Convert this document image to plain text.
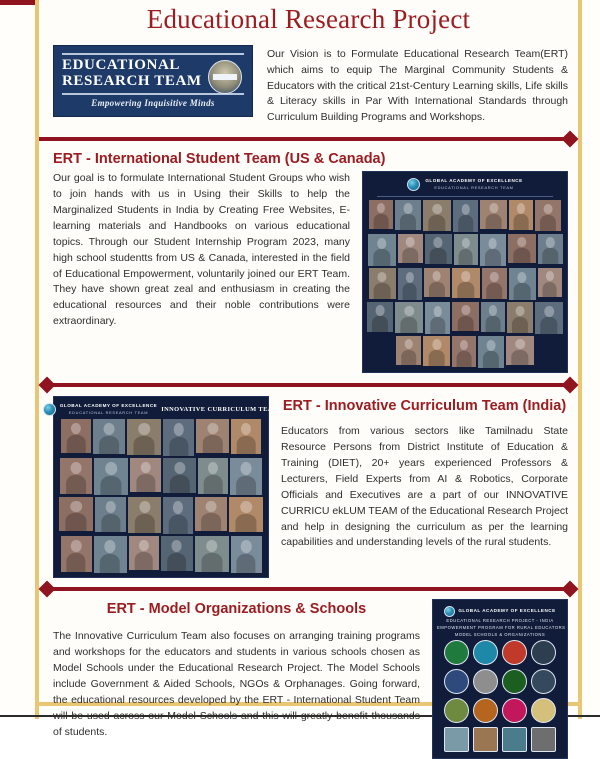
Educational Research Project
EDUCATIONAL
RESEARCH TEAM
Empowering Inquisitive Minds
Our Vision is to Formulate Educational Research Team(ERT) which aims to equip The Marginal Community Students & Educators with the critical 21st-Century Learning skills, Life skills & Literacy skills in Par With International Standards through Curriculum Building Programs and Workshops.
ERT - International Student Team (US & Canada)
Our goal is to formulate International Student Groups who wish to join hands with us in Using their Skills to help the Marginalized Students in India by Creating Free Websites, E-learning materials and Handbooks on various educational topics. Through our Student Internship Program 2023, many high school studentts from US & Canada, interested in the field of Educational Empowerment, voluntarily joined our ERT Team. They have shown great zeal and enthusiasm in creating the educational resources and their noble contributions were extraordinary.
GLOBAL ACADEMY OF EXCELLENCE
EDUCATIONAL RESEARCH TEAM
GLOBAL ACADEMY OF EXCELLENCE
EDUCATIONAL RESEARCH TEAM	INNOVATIVE CURRICULUM TEAM ERT - Innovative Curriculum Team (India)
Educators from various sectors like Tamilnadu State Resource Persons from District Institute of Education & Training (DIET), 20+ years experienced Professors & Lecturers, Field Experts from AI & Robotics, Corporate Officials and Executives are a part of our INNOVATIVE CURRICU ekLUM TEAM of the Educational Research Project and help in designing the curriculum as per the learning capabilities and understanding levels of the rural students.
ERT - Model Organizations & Schools
The Innovative Curriculum Team also focuses on arranging training programs and workshops for the educators and students in various schools chosen as Model Schools under the Educational Research Project. The Model Schools include Government & Aided Schools, NGOs & Orphanages. Going forward, the educational resources developed by the ERT - International Student Team will be used across our Model Schools and this will greatly benefit thousands of students.
GLOBAL ACADEMY OF EXCELLENCE
EDUCATIONAL RESEARCH PROJECT - INDIA
EMPOWERMENT PROGRAM FOR RURAL EDUCATORS
MODEL SCHOOLS & ORGANIZATIONS
